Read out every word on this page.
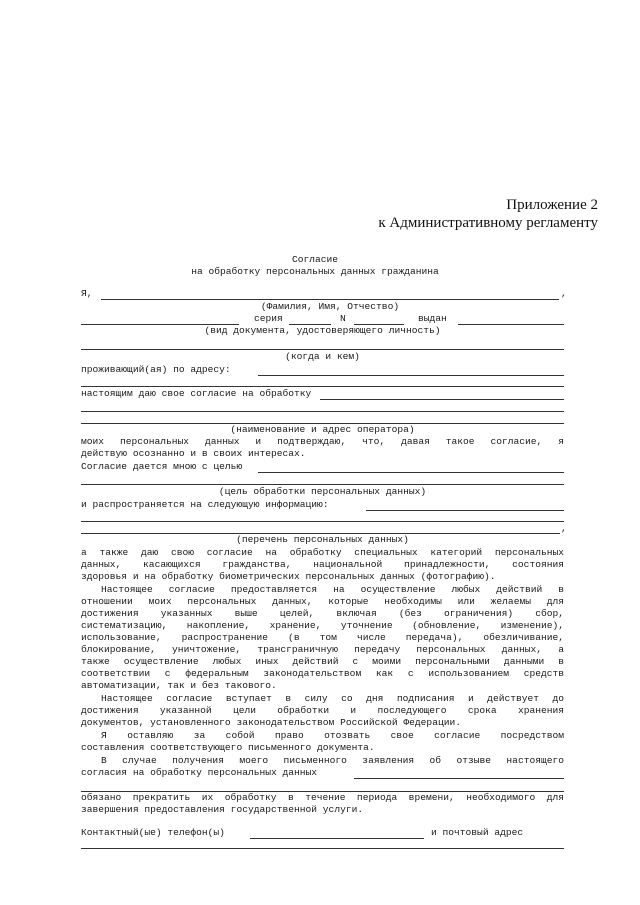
Приложение 2
к Административному регламенту
Согласие
на обработку персональных данных гражданина
Я,	,
(Фамилия, Имя, Отчество)
серия	N	выдан
(вид документа, удостоверяющего личность)
(когда и кем)
проживающий(ая) по адресу:
настоящим даю свое согласие на обработку
(наименование и адрес оператора)
моих персональных данных и подтверждаю, что, давая такое согласие, я
действую осознанно и в своих интересах.
Согласие дается мною с целью
(цель обработки персональных данных)
и распространяется на следующую информацию:
,
(перечень персональных данных)
а также даю свою согласие на обработку специальных категорий персональных
данных, касающихся гражданства, национальной принадлежности, состояния
здоровья и на обработку биометрических персональных данных (фотографию).
Настоящее согласие предоставляется на осуществление любых действий в
отношении моих персональных данных, которые необходимы или желаемы для
достижения указанных выше целей, включая (без ограничения) сбор,
систематизацию, накопление, хранение, уточнение (обновление, изменение),
использование, распространение (в том числе передача), обезличивание,
блокирование, уничтожение, трансграничную передачу персональных данных, а
также осуществление любых иных действий с моими персональными данными в
соответствии с федеральным законодательством как с использованием средств
автоматизации, так и без такового.
Настоящее согласие вступает в силу со дня подписания и действует до
достижения указанной цели обработки и последующего срока хранения
документов, установленного законодательством Российской Федерации.
Я оставляю за собой право отозвать свое согласие посредством
составления соответствующего письменного документа.
В случае получения моего письменного заявления об отзыве настоящего
согласия на обработку персональных данных
обязано прекратить их обработку в течение периода времени, необходимого для
завершения предоставления государственной услуги.
Контактный(ые) телефон(ы)	и почтовый адрес
